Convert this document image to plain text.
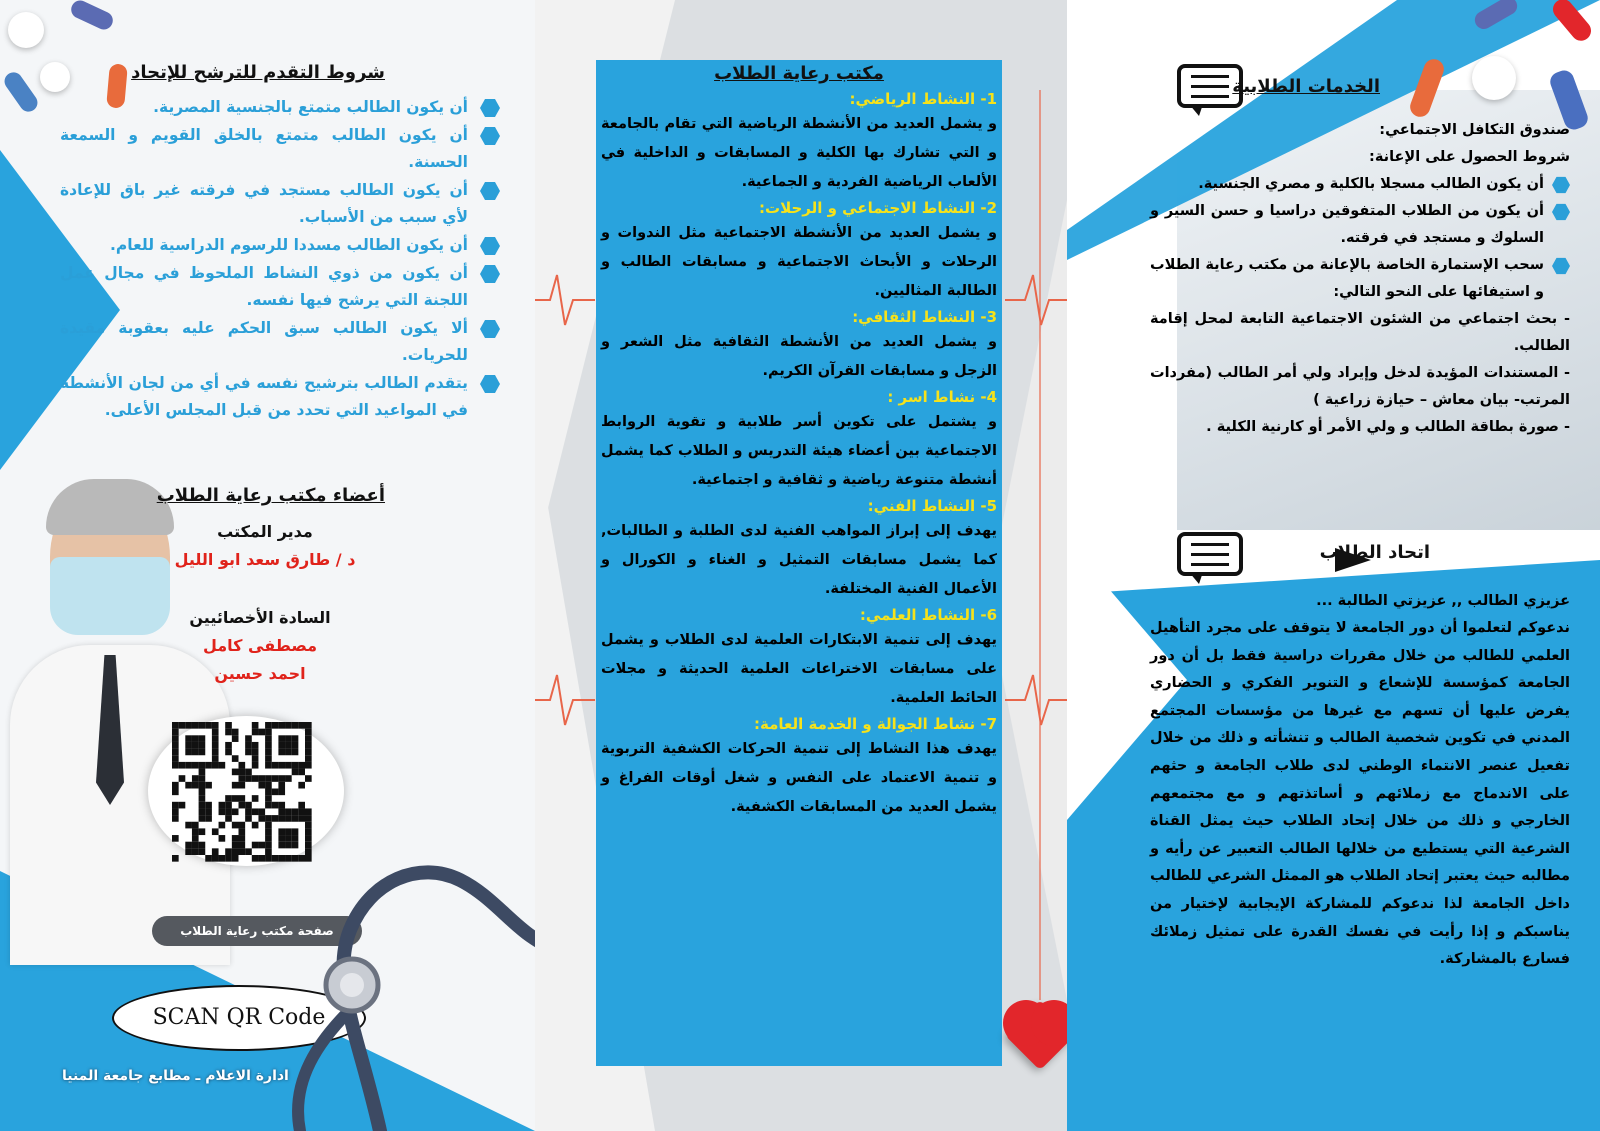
شروط التقدم للترشح للإتحاد
أن يكون الطالب متمتع بالجنسية المصرية.
أن يكون الطالب متمتع بالخلق القويم و السمعة الحسنة.
أن يكون الطالب مستجد في فرقته غير باق للإعادة لأي سبب من الأسباب.
أن يكون الطالب مسددا للرسوم الدراسية للعام.
أن يكون من ذوي النشاط الملحوظ في مجال عمل اللجنة التي يرشح فيها نفسه.
ألا يكون الطالب سبق الحكم عليه بعقوبة مقيدة للحريات.
يتقدم الطالب بترشيح نفسه في أي من لجان الأنشطة في المواعيد التي تحدد من قبل المجلس الأعلى.
أعضاء مكتب رعاية الطلاب
مدير المكتب
د / طارق سعد ابو الليل
السادة الأخصائيين
مصطفى كامل
احمد حسين
صفحة مكتب رعاية الطلاب
SCAN QR Code
ادارة الاعلام ـ مطابع جامعة المنيا
مكتب رعاية الطلاب
1- النشاط الرياضي:

و يشمل العديد من الأنشطة الرياضية التي تقام بالجامعة و التي تشارك بها الكلية و المسابقات و الداخلية في الألعاب الرياضية الفردية و الجماعية.

2- النشاط الاجتماعي و الرحلات:

و يشمل العديد من الأنشطة الاجتماعية مثل الندوات و الرحلات و الأبحاث الاجتماعية و مسابقات الطالب و الطالبة المثاليين.

3- النشاط الثقافي:

و يشمل العديد من الأنشطة الثقافية مثل الشعر و الزجل و مسابقات القرآن الكريم.

4- نشاط اسر :

و يشتمل على تكوين أسر طلابية و تقوية الروابط الاجتماعية بين أعضاء هيئة التدريس و الطلاب كما يشمل أنشطة متنوعة رياضية و ثقافية و اجتماعية.

5- النشاط الفني:

يهدف إلى إبراز المواهب الفنية لدى الطلبة و الطالبات, كما يشمل مسابقات التمثيل و الغناء و الكورال و الأعمال الفنية المختلفة.

6- النشاط العلمي:

يهدف إلى تنمية الابتكارات العلمية لدى الطلاب و يشمل على مسابقات الاختراعات العلمية الحديثة و مجلات الحائط العلمية.

7- نشاط الجوالة و الخدمة العامة:

يهدف هذا النشاط إلى تنمية الحركات الكشفية التربوية و تنمية الاعتماد على النفس و شغل أوقات الفراغ و يشمل العديد من المسابقات الكشفية.

الخدمات الطلابية

صندوق التكافل الاجتماعي:

شروط الحصول على الإعانة:

أن يكون الطالب مسجلا بالكلية و مصري الجنسية.

أن يكون من الطلاب المتفوقين دراسيا و حسن السير و السلوك و مستجد في فرقته.

سحب الإستمارة الخاصة بالإعانة من مكتب رعاية الطلاب و استيفائها على النحو التالي:

- بحث اجتماعي من الشئون الاجتماعية التابعة لمحل إقامة الطالب.

- المستندات المؤيدة لدخل وإيراد ولي أمر الطالب (مفردات المرتب- بيان معاش – حيازة زراعية )

- صورة بطاقة الطالب و ولي الأمر أو كارنية الكلية .

اتحاد الطلاب

عزيزي الطالب ,, عزيزتي الطالبة ...

ندعوكم لتعلموا أن دور الجامعة لا يتوقف على مجرد التأهيل العلمي للطالب من خلال مقررات دراسية فقط بل أن دور الجامعة كمؤسسة للإشعاع و التنوير الفكري و الحضاري يفرض عليها أن تسهم مع غيرها من مؤسسات المجتمع المدني في تكوين شخصية الطالب و تنشأته و ذلك من خلال تفعيل عنصر الانتماء الوطني لدى طلاب الجامعة و حثهم على الاندماج مع زملائهم و أساتذتهم و مع مجتمعهم الخارجي و ذلك من خلال إتحاد الطلاب حيث يمثل القناة الشرعية التي يستطيع من خلالها الطالب التعبير عن رأيه و مطالبه حيث يعتبر إتحاد الطلاب هو الممثل الشرعي للطالب داخل الجامعة لذا ندعوكم للمشاركة الإيجابية لإختيار من يناسبكم و إذا رأيت في نفسك القدرة على تمثيل زملائك فسارع بالمشاركة.
